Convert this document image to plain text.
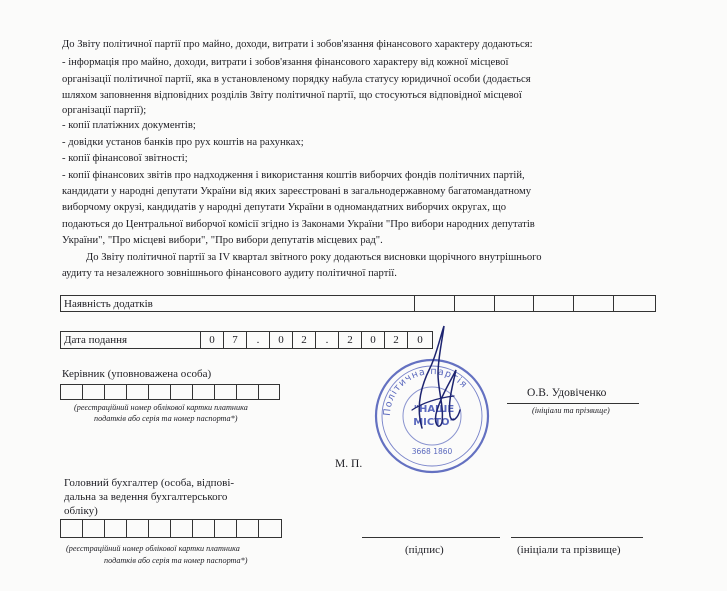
До Звіту політичної партії про майно, доходи, витрати і зобов'язання фінансового характеру додаються:
- інформація про майно, доходи, витрати і зобов'язання фінансового характеру від кожної місцевої
організації політичної партії, яка в установленому порядку набула статусу юридичної особи (додається
шляхом заповнення відповідних розділів Звіту політичної партії, що стосуються відповідної місцевої
організації партії);
- копії платіжних документів;
- довідки установ банків про рух коштів на рахунках;
- копії фінансової звітності;
- копії фінансових звітів про надходження і використання коштів виборчих фондів політичних партій,
кандидати у народні депутати України від яких зареєстровані в загальнодержавному багатомандатному
виборчому окрузі, кандидатів у народні депутати України в одномандатних виборчих округах, що
подаються до Центральної виборчої комісії згідно із Законами України "Про вибори народних депутатів
України", "Про місцеві вибори", "Про вибори депутатів місцевих рад".
До Звіту політичної партії за IV квартал звітного року додаються висновки щорічного внутрішнього
аудиту та незалежного зовнішнього фінансового аудиту політичної партії.
Наявність додатків
Дата подання	0	7	.	0	2	.	2	0	2	0
Керівник (уповноважена особа)
(реєстраційний номер облікової картки платника
податків або серія та номер паспорта*)
О.В. Удовіченко
(ініціали та прізвище)
М. П.
Політична партія
"НАШЕ
МІСТО"
3668 1860
Головний бухгалтер (особа, відпові-
дальна за ведення бухгалтерського
обліку)
(реєстраційний номер облікової картки платника
податків або серія та номер паспорта*)
(підпис)	(ініціали та прізвище)
